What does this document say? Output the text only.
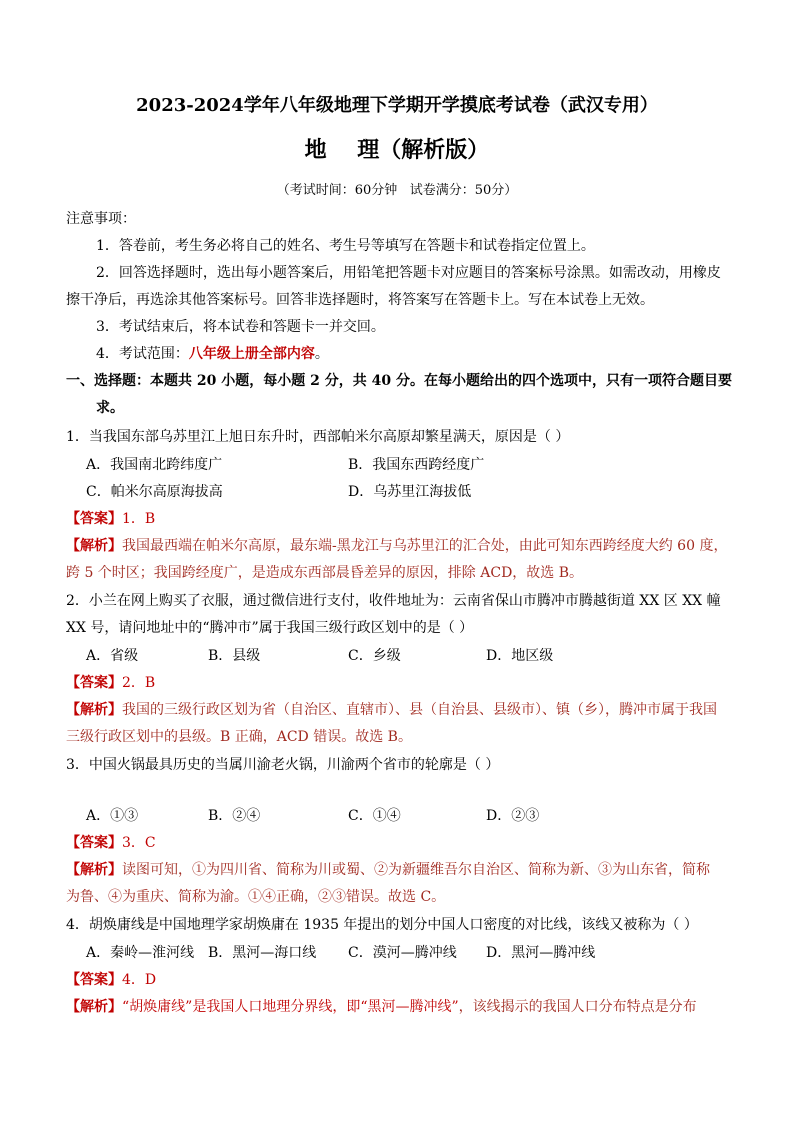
2023-2024学年八年级地理下学期开学摸底考试卷（武汉专用）
地    理（解析版）
（考试时间：60分钟   试卷满分：50分）
注意事项：
1．答卷前，考生务必将自己的姓名、考生号等填写在答题卡和试卷指定位置上。
2．回答选择题时，选出每小题答案后，用铅笔把答题卡对应题目的答案标号涂黑。如需改动，用橡皮
擦干净后，再选涂其他答案标号。回答非选择题时，将答案写在答题卡上。写在本试卷上无效。
3．考试结束后，将本试卷和答题卡一并交回。
4．考试范围：八年级上册全部内容。
一、选择题：本题共 20 小题，每小题 2 分，共 40 分。在每小题给出的四个选项中，只有一项符合题目要
求。
1．当我国东部乌苏里江上旭日东升时，西部帕米尔高原却繁星满天，原因是（ ）
A．我国南北跨纬度广	B．我国东西跨经度广
C．帕米尔高原海拔高	D．乌苏里江海拔低
【答案】1．B
【解析】我国最西端在帕米尔高原，最东端-黑龙江与乌苏里江的汇合处，由此可知东西跨经度大约 60 度，
跨 5 个时区；我国跨经度广，是造成东西部晨昏差异的原因，排除 ACD，故选 B。
2．小兰在网上购买了衣服，通过微信进行支付，收件地址为：云南省保山市腾冲市腾越街道 XX 区 XX 幢
XX 号，请问地址中的“腾冲市”属于我国三级行政区划中的是（ ）
A．省级	B．县级	C．乡级	D．地区级
【答案】2．B
【解析】我国的三级行政区划为省（自治区、直辖市）、县（自治县、县级市）、镇（乡），腾冲市属于我国
三级行政区划中的县级。B 正确，ACD 错误。故选 B。
3．中国火锅最具历史的当属川渝老火锅，川渝两个省市的轮廓是（ ）
A．①③	B．②④	C．①④	D．②③
【答案】3．C
【解析】读图可知，①为四川省、简称为川或蜀、②为新疆维吾尔自治区、简称为新、③为山东省，简称
为鲁、④为重庆、简称为渝。①④正确，②③错误。故选 C。
4．胡焕庸线是中国地理学家胡焕庸在 1935 年提出的划分中国人口密度的对比线，该线又被称为（ ）
A．秦岭—淮河线 B．黑河—海口线 C．漠河—腾冲线 D．黑河—腾冲线
【答案】4．D
【解析】“胡焕庸线”是我国人口地理分界线，即“黑河—腾冲线”，该线揭示的我国人口分布特点是分布
